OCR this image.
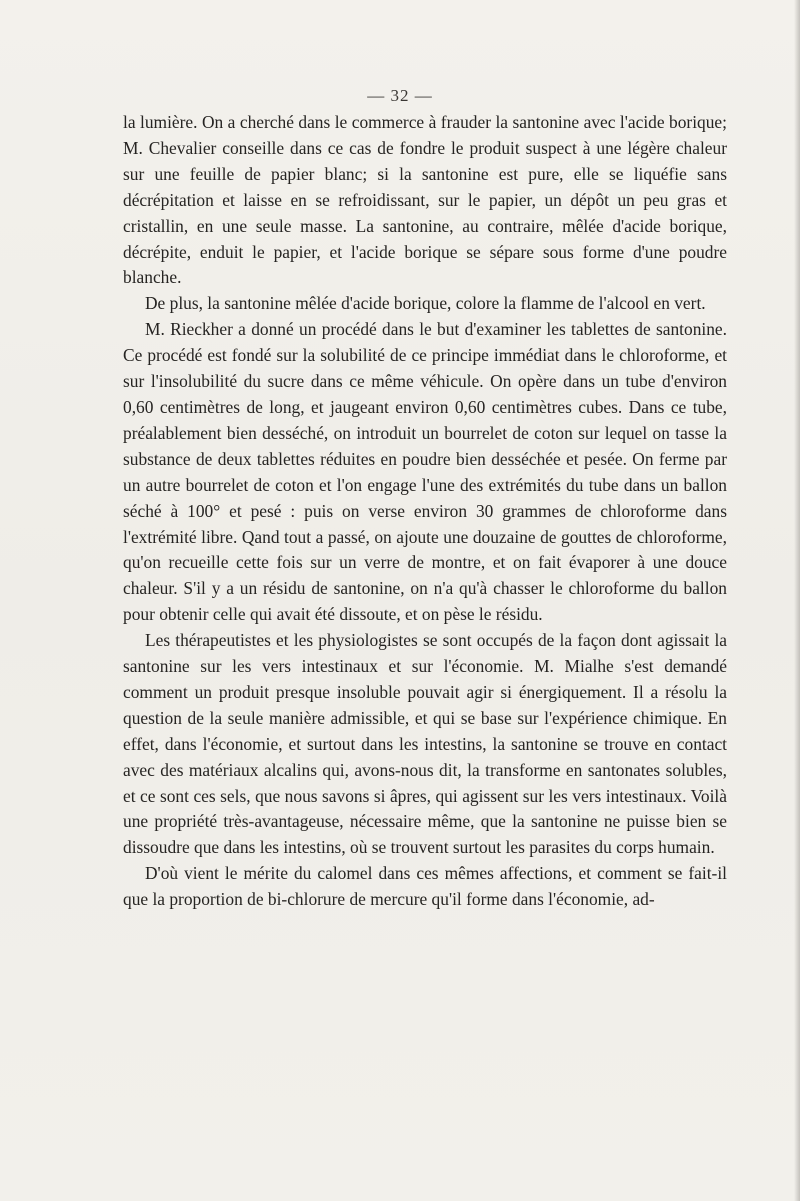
— 32 —

la lumière. On a cherché dans le commerce à frauder la santonine avec l'acide borique; M. Chevalier conseille dans ce cas de fondre le produit suspect à une légère chaleur sur une feuille de papier blanc; si la santonine est pure, elle se liquéfie sans décrépitation et laisse en se refroidissant, sur le papier, un dépôt un peu gras et cristallin, en une seule masse. La santonine, au contraire, mêlée d'acide borique, décrépite, enduit le papier, et l'acide borique se sépare sous forme d'une poudre blanche.

De plus, la santonine mêlée d'acide borique, colore la flamme de l'alcool en vert.

M. Rieckher a donné un procédé dans le but d'examiner les tablettes de santonine. Ce procédé est fondé sur la solubilité de ce principe immédiat dans le chloroforme, et sur l'insolubilité du sucre dans ce même véhicule. On opère dans un tube d'environ 0,60 centimètres de long, et jaugeant environ 0,60 centimètres cubes. Dans ce tube, préalablement bien desséché, on introduit un bourrelet de coton sur lequel on tasse la substance de deux tablettes réduites en poudre bien desséchée et pesée. On ferme par un autre bourrelet de coton et l'on engage l'une des extrémités du tube dans un ballon séché à 100° et pesé : puis on verse environ 30 grammes de chloroforme dans l'extrémité libre. Qand tout a passé, on ajoute une douzaine de gouttes de chloroforme, qu'on recueille cette fois sur un verre de montre, et on fait évaporer à une douce chaleur. S'il y a un résidu de santonine, on n'a qu'à chasser le chloroforme du ballon pour obtenir celle qui avait été dissoute, et on pèse le résidu.

Les thérapeutistes et les physiologistes se sont occupés de la façon dont agissait la santonine sur les vers intestinaux et sur l'économie. M. Mialhe s'est demandé comment un produit presque insoluble pouvait agir si énergiquement. Il a résolu la question de la seule manière admissible, et qui se base sur l'expérience chimique. En effet, dans l'économie, et surtout dans les intestins, la santonine se trouve en contact avec des matériaux alcalins qui, avons-nous dit, la transforme en santonates solubles, et ce sont ces sels, que nous savons si âpres, qui agissent sur les vers intestinaux. Voilà une propriété très-avantageuse, nécessaire même, que la santonine ne puisse bien se dissoudre que dans les intestins, où se trouvent surtout les parasites du corps humain.

D'où vient le mérite du calomel dans ces mêmes affections, et comment se fait-il que la proportion de bi-chlorure de mercure qu'il forme dans l'économie, ad-
